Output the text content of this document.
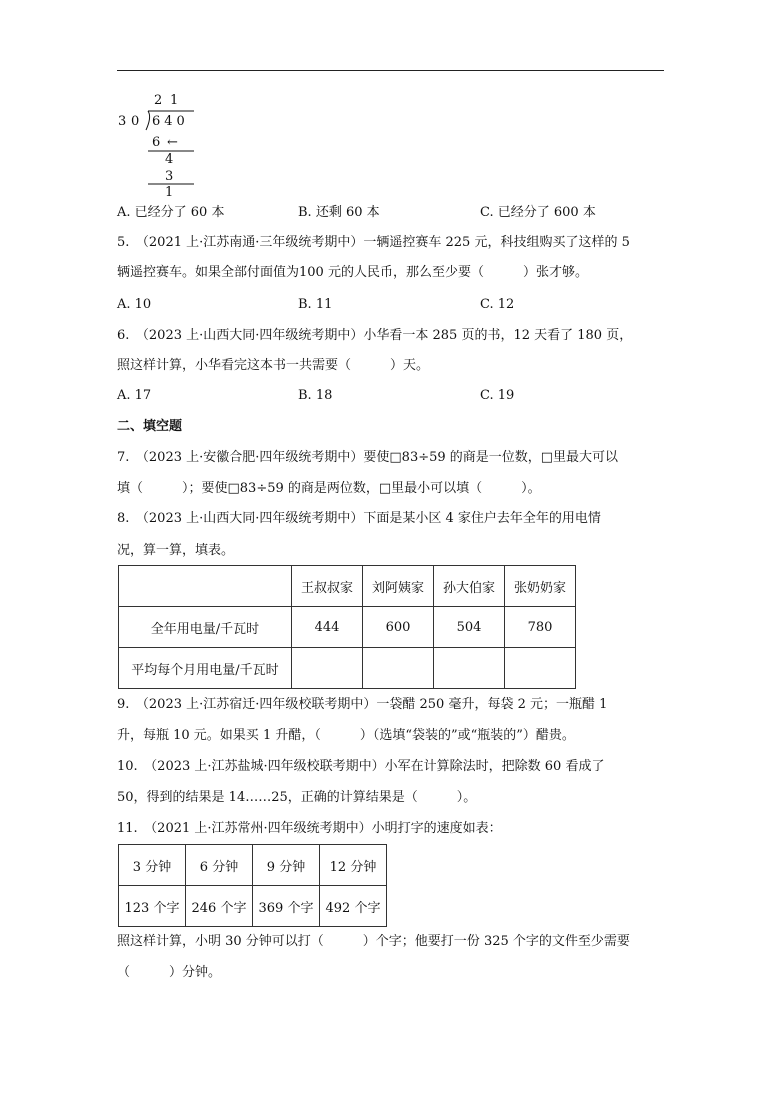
2 1
3 0 640
6 ←
4
3
1
A. 已经分了 60 本	B. 还剩 60 本	C. 已经分了 600 本
5.　（2021 上·江苏南通·三年级统考期中）一辆遥控赛车 225 元，科技组购买了这样的 5
辆遥控赛车。如果全部付面值为100 元的人民币，那么至少要（　　　）张才够。
A. 10	B. 11	C. 12
6.　（2023 上·山西大同·四年级统考期中）小华看一本 285 页的书，12 天看了 180 页，
照这样计算，小华看完这本书一共需要（　　　）天。
A. 17	B. 18	C. 19
二、填空题
7.　（2023 上·安徽合肥·四年级统考期中）要使□83÷59 的商是一位数，□里最大可以
填（　　　）；要使□83÷59 的商是两位数，□里最小可以填（　　　）。
8.　（2023 上·山西大同·四年级统考期中）下面是某小区 4 家住户去年全年的用电情
况，算一算，填表。
	王叔叔家	刘阿姨家	孙大伯家	张奶奶家
全年用电量/千瓦时	444	600	504	780
平均每个月用电量/千瓦时				
9.　（2023 上·江苏宿迁·四年级校联考期中）一袋醋 250 毫升，每袋 2 元；一瓶醋 1
升，每瓶 10 元。如果买 1 升醋，（　　　）（选填“袋装的”或“瓶装的”）醋贵。
10.　（2023 上·江苏盐城·四年级校联考期中）小军在计算除法时，把除数 60 看成了
50，得到的结果是 14……25，正确的计算结果是（　　　）。
11.　（2021 上·江苏常州·四年级统考期中）小明打字的速度如表：
3 分钟	6 分钟	9 分钟	12 分钟
123 个字	246 个字	369 个字	492 个字
照这样计算，小明 30 分钟可以打（　　　）个字；他要打一份 325 个字的文件至少需要
（　　　）分钟。
